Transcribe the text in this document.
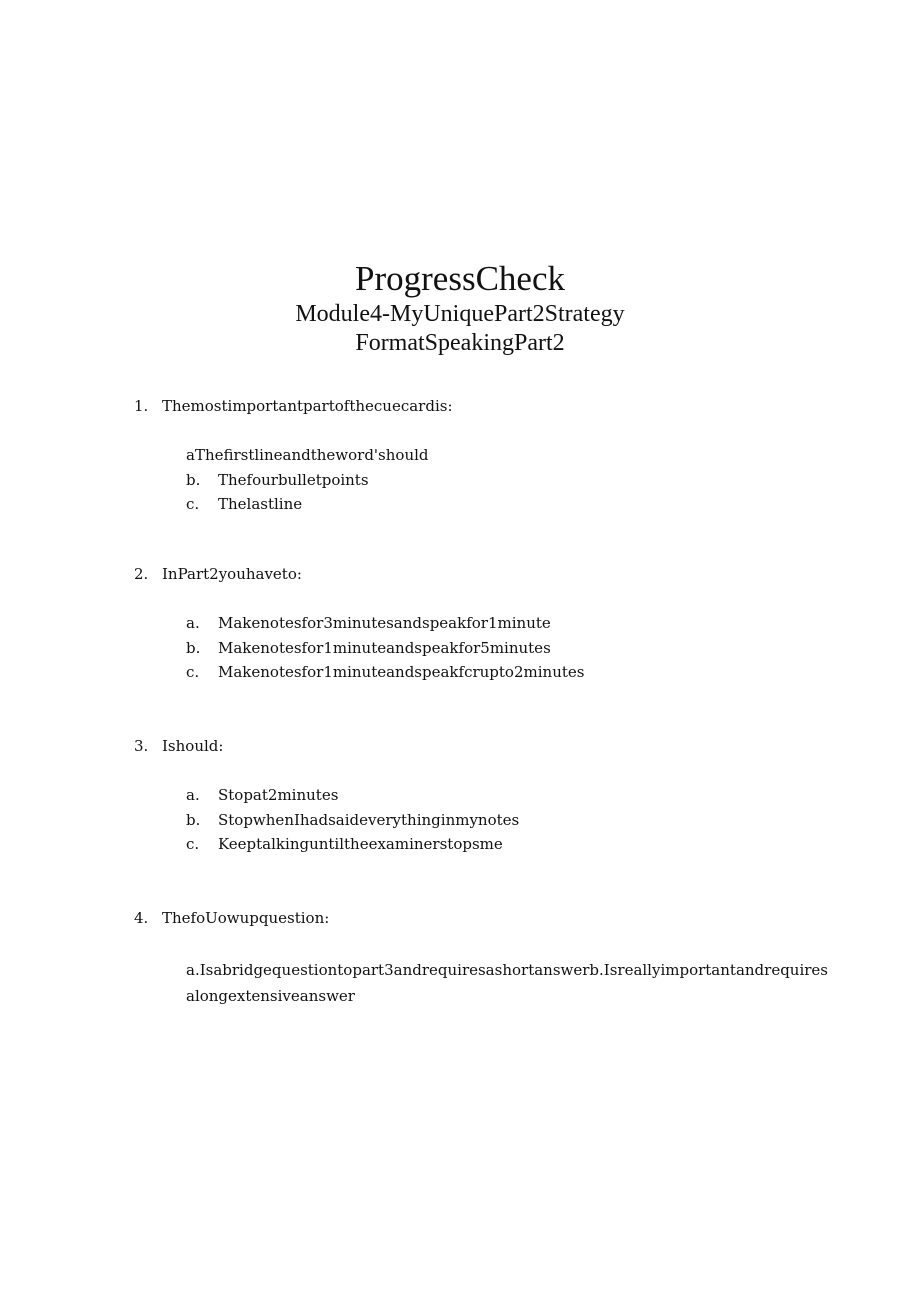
ProgressCheck
Module4-MyUniquePart2Strategy
FormatSpeakingPart2
1. Themostimportantpartofthecuecardis:
aThefirstlineandtheword'should
b. Thefourbulletpoints
c. Thelastline
2. InPart2youhaveto:
a. Makenotesfor3minutesandspeakfor1minute
b. Makenotesfor1minuteandspeakfor5minutes
c. Makenotesfor1minuteandspeakfcrupto2minutes
3. Ishould:
a. Stopat2minutes
b. StopwhenIhadsaideverythinginmynotes
c. Keeptalkinguntiltheexaminerstopsme
4. ThefoUowupquestion:
a.Isabridgequestiontopart3andrequiresashortanswerb.Isreallyimportantandrequires alongextensiveanswer
